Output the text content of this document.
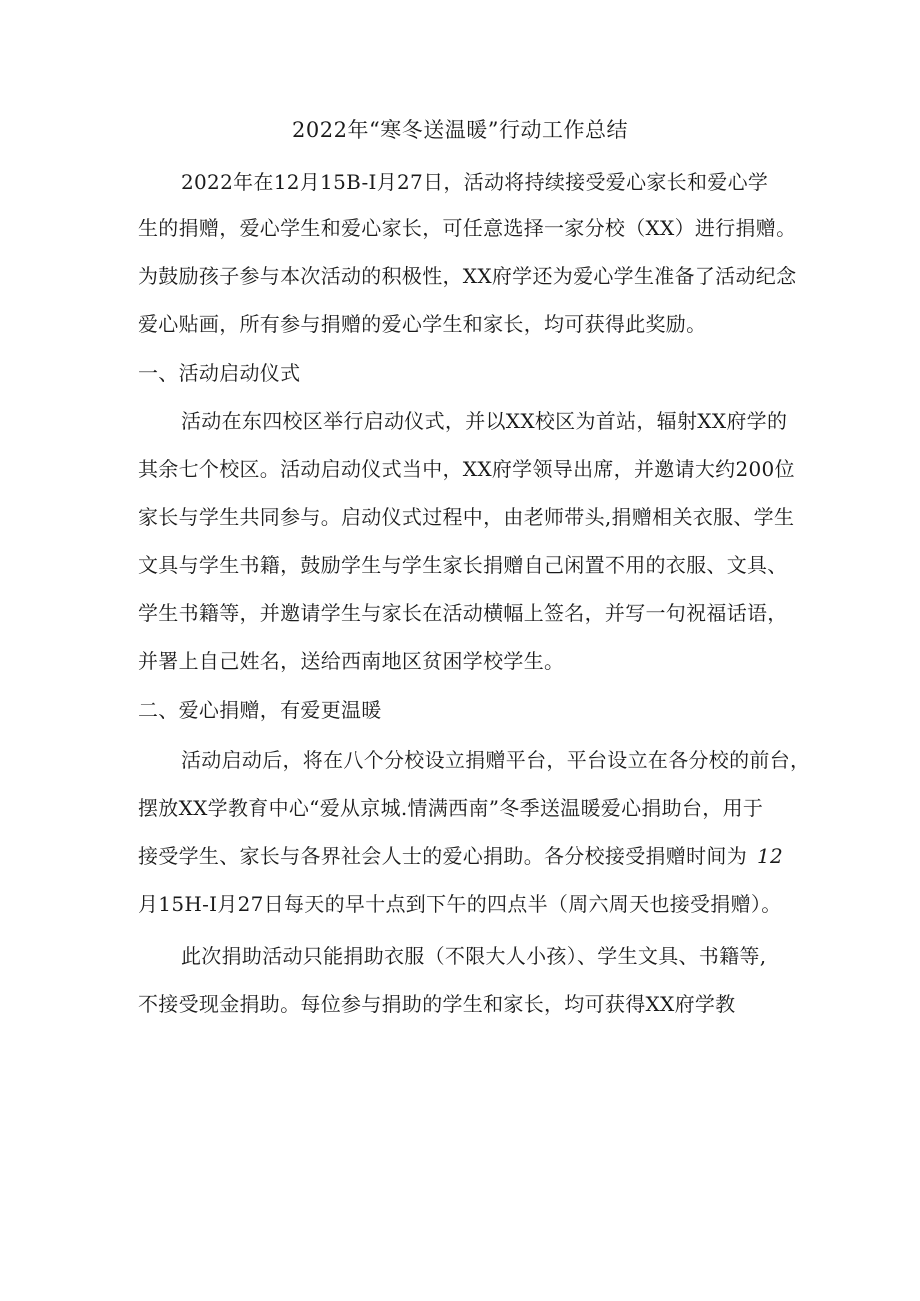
2022年“寒冬送温暖”行动工作总结
2022年在12月15B-I月27日，活动将持续接受爱心家长和爱心学
生的捐赠，爱心学生和爱心家长，可任意选择一家分校（XX）进行捐赠。
为鼓励孩子参与本次活动的积极性，XX府学还为爱心学生准备了活动纪念
爱心贴画，所有参与捐赠的爱心学生和家长，均可获得此奖励。
一、活动启动仪式
活动在东四校区举行启动仪式，并以XX校区为首站，辐射XX府学的
其余七个校区。活动启动仪式当中，XX府学领导出席，并邀请大约200位
家长与学生共同参与。启动仪式过程中，由老师带头,捐赠相关衣服、学生
文具与学生书籍，鼓励学生与学生家长捐赠自己闲置不用的衣服、文具、
学生书籍等，并邀请学生与家长在活动横幅上签名，并写一句祝福话语，
并署上自己姓名，送给西南地区贫困学校学生。
二、爱心捐赠，有爱更温暖
活动启动后，将在八个分校设立捐赠平台，平台设立在各分校的前台，
摆放XX学教育中心“爱从京城.情满西南”冬季送温暖爱心捐助台，用于
接受学生、家长与各界社会人士的爱心捐助。各分校接受捐赠时间为 12
月15H-I月27日每天的早十点到下午的四点半（周六周天也接受捐赠）。
此次捐助活动只能捐助衣服（不限大人小孩）、学生文具、书籍等,
不接受现金捐助。每位参与捐助的学生和家长，均可获得XX府学教
